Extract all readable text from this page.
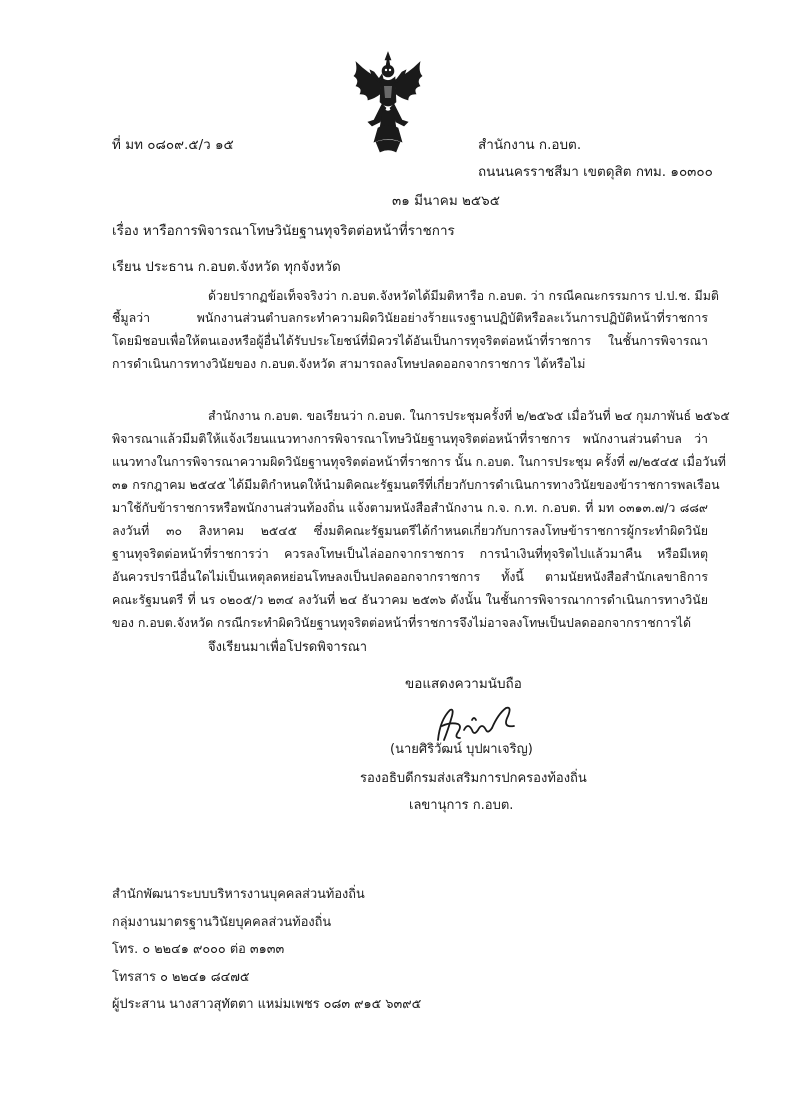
ที่ มท ๐๘๐๙.๕/ว ๑๕	สำนักงาน ก.อบต.
ถนนนครราชสีมา เขตดุสิต กทม. ๑๐๓๐๐
๓๑ มีนาคม ๒๕๖๕
เรื่อง หารือการพิจารณาโทษวินัยฐานทุจริตต่อหน้าที่ราชการ
เรียน ประธาน ก.อบต.จังหวัด ทุกจังหวัด
ด้วยปรากฏข้อเท็จจริงว่า ก.อบต.จังหวัดได้มีมติหารือ ก.อบต. ว่า กรณีคณะกรรมการ ป.ป.ช. มีมติ
ชี้มูลว่า พนักงานส่วนตำบลกระทำความผิดวินัยอย่างร้ายแรงฐานปฏิบัติหรือละเว้นการปฏิบัติหน้าที่ราชการ
โดยมิชอบเพื่อให้ตนเองหรือผู้อื่นได้รับประโยชน์ที่มิควรได้อันเป็นการทุจริตต่อหน้าที่ราชการ ในชั้นการพิจารณา
การดำเนินการทางวินัยของ ก.อบต.จังหวัด สามารถลงโทษปลดออกจากราชการ ได้หรือไม่
สำนักงาน ก.อบต. ขอเรียนว่า ก.อบต. ในการประชุมครั้งที่ ๒/๒๕๖๕ เมื่อวันที่ ๒๔ กุมภาพันธ์ ๒๕๖๕
พิจารณาแล้วมีมติให้แจ้งเวียนแนวทางการพิจารณาโทษวินัยฐานทุจริตต่อหน้าที่ราชการ พนักงานส่วนตำบล ว่า
แนวทางในการพิจารณาความผิดวินัยฐานทุจริตต่อหน้าที่ราชการ นั้น ก.อบต. ในการประชุม ครั้งที่ ๗/๒๕๔๕ เมื่อวันที่
๓๑ กรกฎาคม ๒๕๔๕ ได้มีมติกำหนดให้นำมติคณะรัฐมนตรีที่เกี่ยวกับการดำเนินการทางวินัยของข้าราชการพลเรือน
มาใช้กับข้าราชการหรือพนักงานส่วนท้องถิ่น แจ้งตามหนังสือสำนักงาน ก.จ. ก.ท. ก.อบต. ที่ มท ๐๓๑๓.๗/ว ๘๘๙
ลงวันที่ ๓๐ สิงหาคม ๒๕๔๕ ซึ่งมติคณะรัฐมนตรีได้กำหนดเกี่ยวกับการลงโทษข้าราชการผู้กระทำผิดวินัย
ฐานทุจริตต่อหน้าที่ราชการว่า ควรลงโทษเป็นไล่ออกจากราชการ การนำเงินที่ทุจริตไปแล้วมาคืน หรือมีเหตุ
อันควรปรานีอื่นใดไม่เป็นเหตุลดหย่อนโทษลงเป็นปลดออกจากราชการ ทั้งนี้ ตามนัยหนังสือสำนักเลขาธิการ
คณะรัฐมนตรี ที่ นร ๐๒๐๕/ว ๒๓๔ ลงวันที่ ๒๔ ธันวาคม ๒๕๓๖ ดังนั้น ในชั้นการพิจารณาการดำเนินการทางวินัย
ของ ก.อบต.จังหวัด กรณีกระทำผิดวินัยฐานทุจริตต่อหน้าที่ราชการจึงไม่อาจลงโทษเป็นปลดออกจากราชการได้
จึงเรียนมาเพื่อโปรดพิจารณา
ขอแสดงความนับถือ
(นายศิริวัฒน์ บุปผาเจริญ)
รองอธิบดีกรมส่งเสริมการปกครองท้องถิ่น
เลขานุการ ก.อบต.
สำนักพัฒนาระบบบริหารงานบุคคลส่วนท้องถิ่น
กลุ่มงานมาตรฐานวินัยบุคคลส่วนท้องถิ่น
โทร. ๐ ๒๒๔๑ ๙๐๐๐ ต่อ ๓๑๓๓
โทรสาร ๐ ๒๒๔๑ ๘๔๗๕
ผู้ประสาน นางสาวสุทัตตา แหม่มเพชร ๐๘๓ ๙๑๕ ๖๓๙๕
